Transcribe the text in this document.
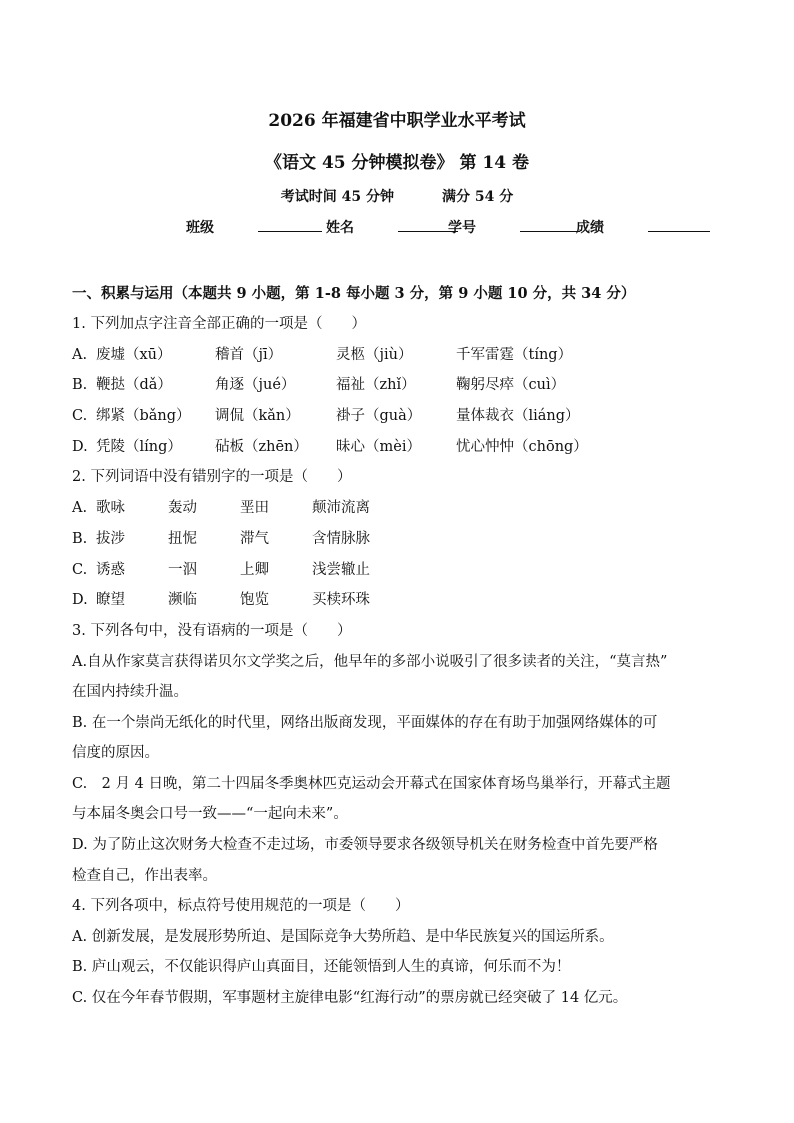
2026 年福建省中职学业水平考试
《语文 45 分钟模拟卷》 第 14 卷
考试时间 45 分钟	满分 54 分
班级	姓名	学号	成绩
一、积累与运用（本题共 9 小题，第 1-8 每小题 3 分，第 9 小题 10 分，共 34 分）
1. 下列加点字注音全部正确的一项是（　　）
A. 废墟（xū）	稽首（jī）	灵柩（jiù）	千军雷霆（tíng）
B. 鞭挞（dǎ）	角逐（jué）	福祉（zhǐ）	鞠躬尽瘁（cuì）
C. 绑紧（bǎng） 调侃（kǎn） 褂子（guà） 量体裁衣（liáng）
D. 凭陵（líng） 砧板（zhēn） 昧心（mèi） 忧心忡忡（chōng）
2. 下列词语中没有错别字的一项是（　　）
A. 歌咏	轰动	垩田	颠沛流离
B. 拔涉	扭怩	滞气	含情脉脉
C. 诱惑	一泅	上卿	浅尝辙止
D. 瞭望	濒临	饱览	买椟环珠
3. 下列各句中，没有语病的一项是（　　）
A.自从作家莫言获得诺贝尔文学奖之后，他早年的多部小说吸引了很多读者的关注，“莫言热”
在国内持续升温。
B. 在一个崇尚无纸化的时代里，网络出版商发现，平面媒体的存在有助于加强网络媒体的可
信度的原因。
C.　2 月 4 日晚，第二十四届冬季奥林匹克运动会开幕式在国家体育场鸟巢举行，开幕式主题
与本届冬奥会口号一致——“一起向未来”。
D. 为了防止这次财务大检查不走过场，市委领导要求各级领导机关在财务检查中首先要严格
检查自己，作出表率。
4. 下列各项中，标点符号使用规范的一项是（　　）
A. 创新发展，是发展形势所迫、是国际竞争大势所趋、是中华民族复兴的国运所系。
B. 庐山观云，不仅能识得庐山真面目，还能领悟到人生的真谛，何乐而不为！
C. 仅在今年春节假期，军事题材主旋律电影“红海行动”的票房就已经突破了 14 亿元。
